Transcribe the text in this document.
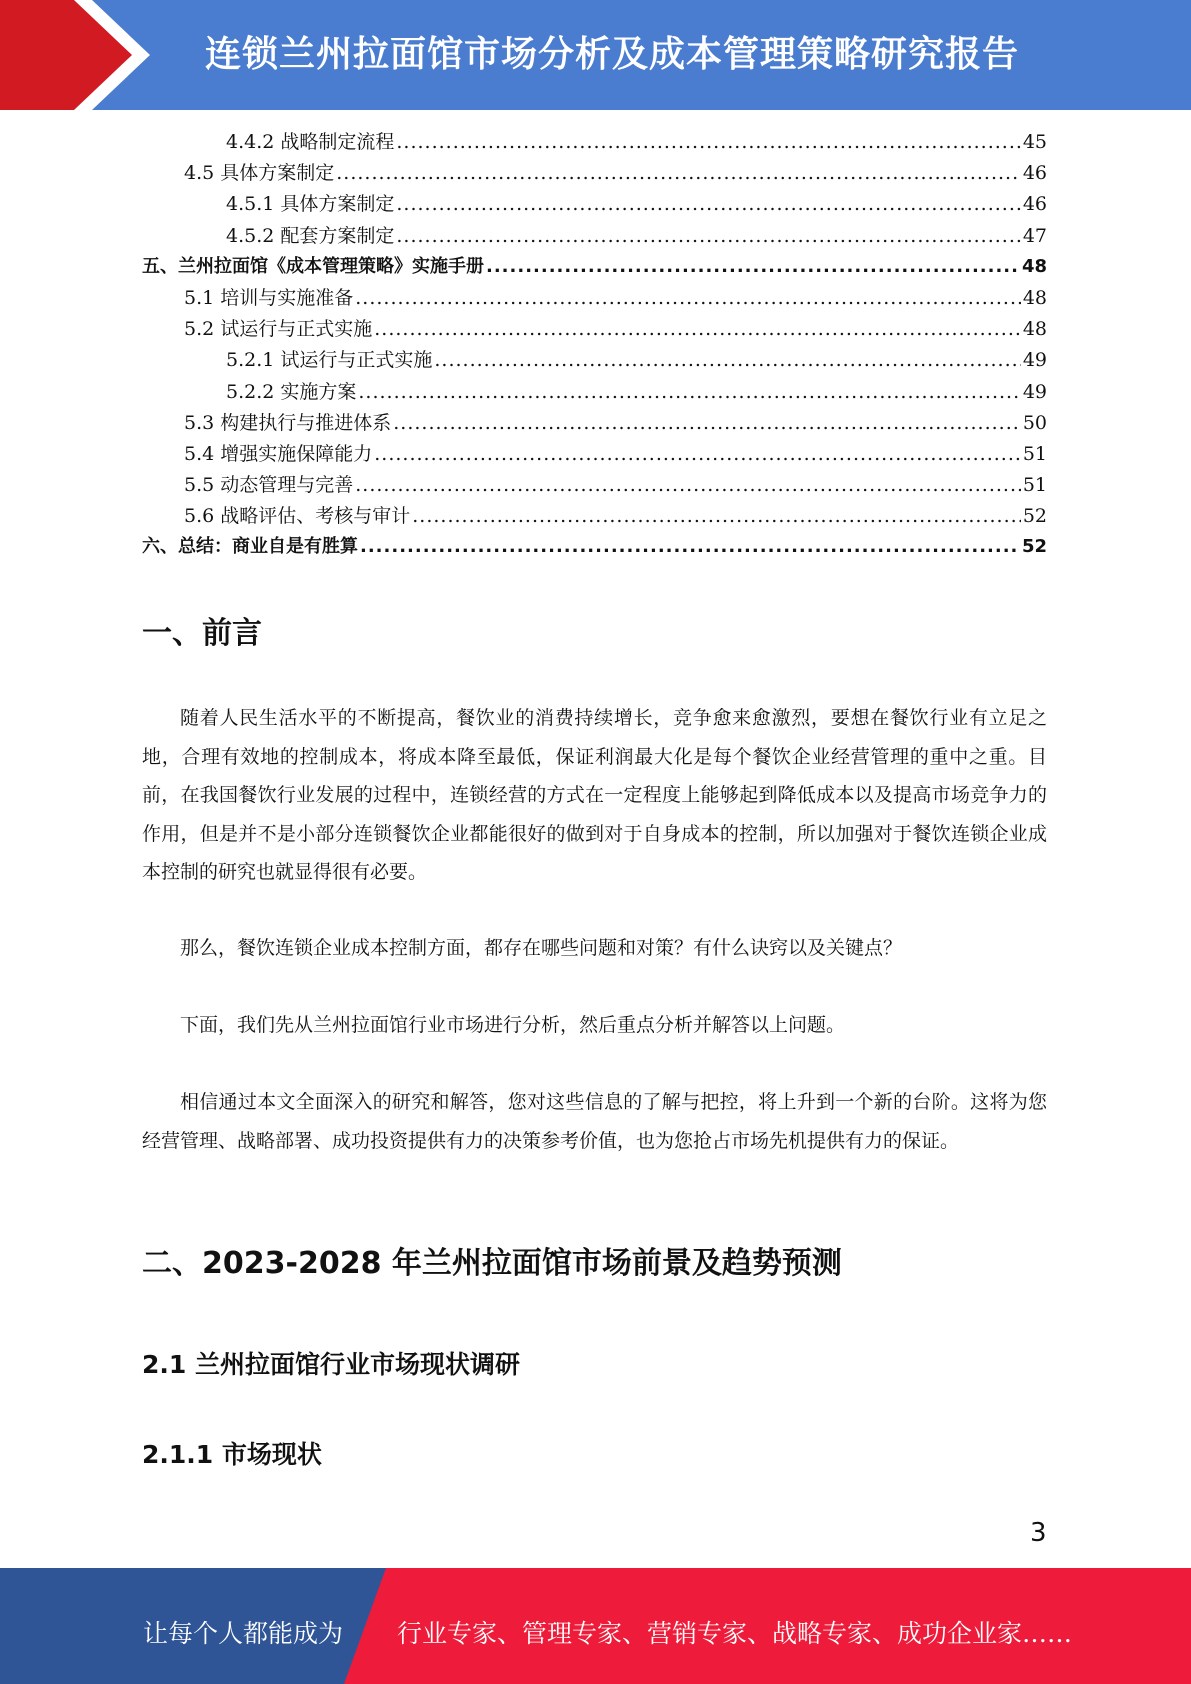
连锁兰州拉面馆市场分析及成本管理策略研究报告
4.4.2 战略制定流程 .....	45
4.5 具体方案制定 .....	46
4.5.1 具体方案制定 .....	46
4.5.2 配套方案制定 .....	47
五、兰州拉面馆《成本管理策略》实施手册 .....	48
5.1 培训与实施准备 .....	48
5.2 试运行与正式实施 .....	48
5.2.1 试运行与正式实施 .....	49
5.2.2 实施方案 .....	49
5.3 构建执行与推进体系 .....	50
5.4 增强实施保障能力 .....	51
5.5 动态管理与完善 .....	51
5.6 战略评估、考核与审计 .....	52
六、总结：商业自是有胜算 .....	52
一、前言
随着人民生活水平的不断提高，餐饮业的消费持续增长，竞争愈来愈激烈，要想在餐饮行业有立足之地，合理有效地的控制成本，将成本降至最低，保证利润最大化是每个餐饮企业经营管理的重中之重。目前，在我国餐饮行业发展的过程中，连锁经营的方式在一定程度上能够起到降低成本以及提高市场竞争力的作用，但是并不是小部分连锁餐饮企业都能很好的做到对于自身成本的控制，所以加强对于餐饮连锁企业成本控制的研究也就显得很有必要。
那么，餐饮连锁企业成本控制方面，都存在哪些问题和对策？有什么诀窍以及关键点？
下面，我们先从兰州拉面馆行业市场进行分析，然后重点分析并解答以上问题。
相信通过本文全面深入的研究和解答，您对这些信息的了解与把控，将上升到一个新的台阶。这将为您经营管理、战略部署、成功投资提供有力的决策参考价值，也为您抢占市场先机提供有力的保证。
二、2023-2028 年兰州拉面馆市场前景及趋势预测
2.1 兰州拉面馆行业市场现状调研
2.1.1 市场现状
3
让每个人都能成为 行业专家、管理专家、营销专家、战略专家、成功企业家……
